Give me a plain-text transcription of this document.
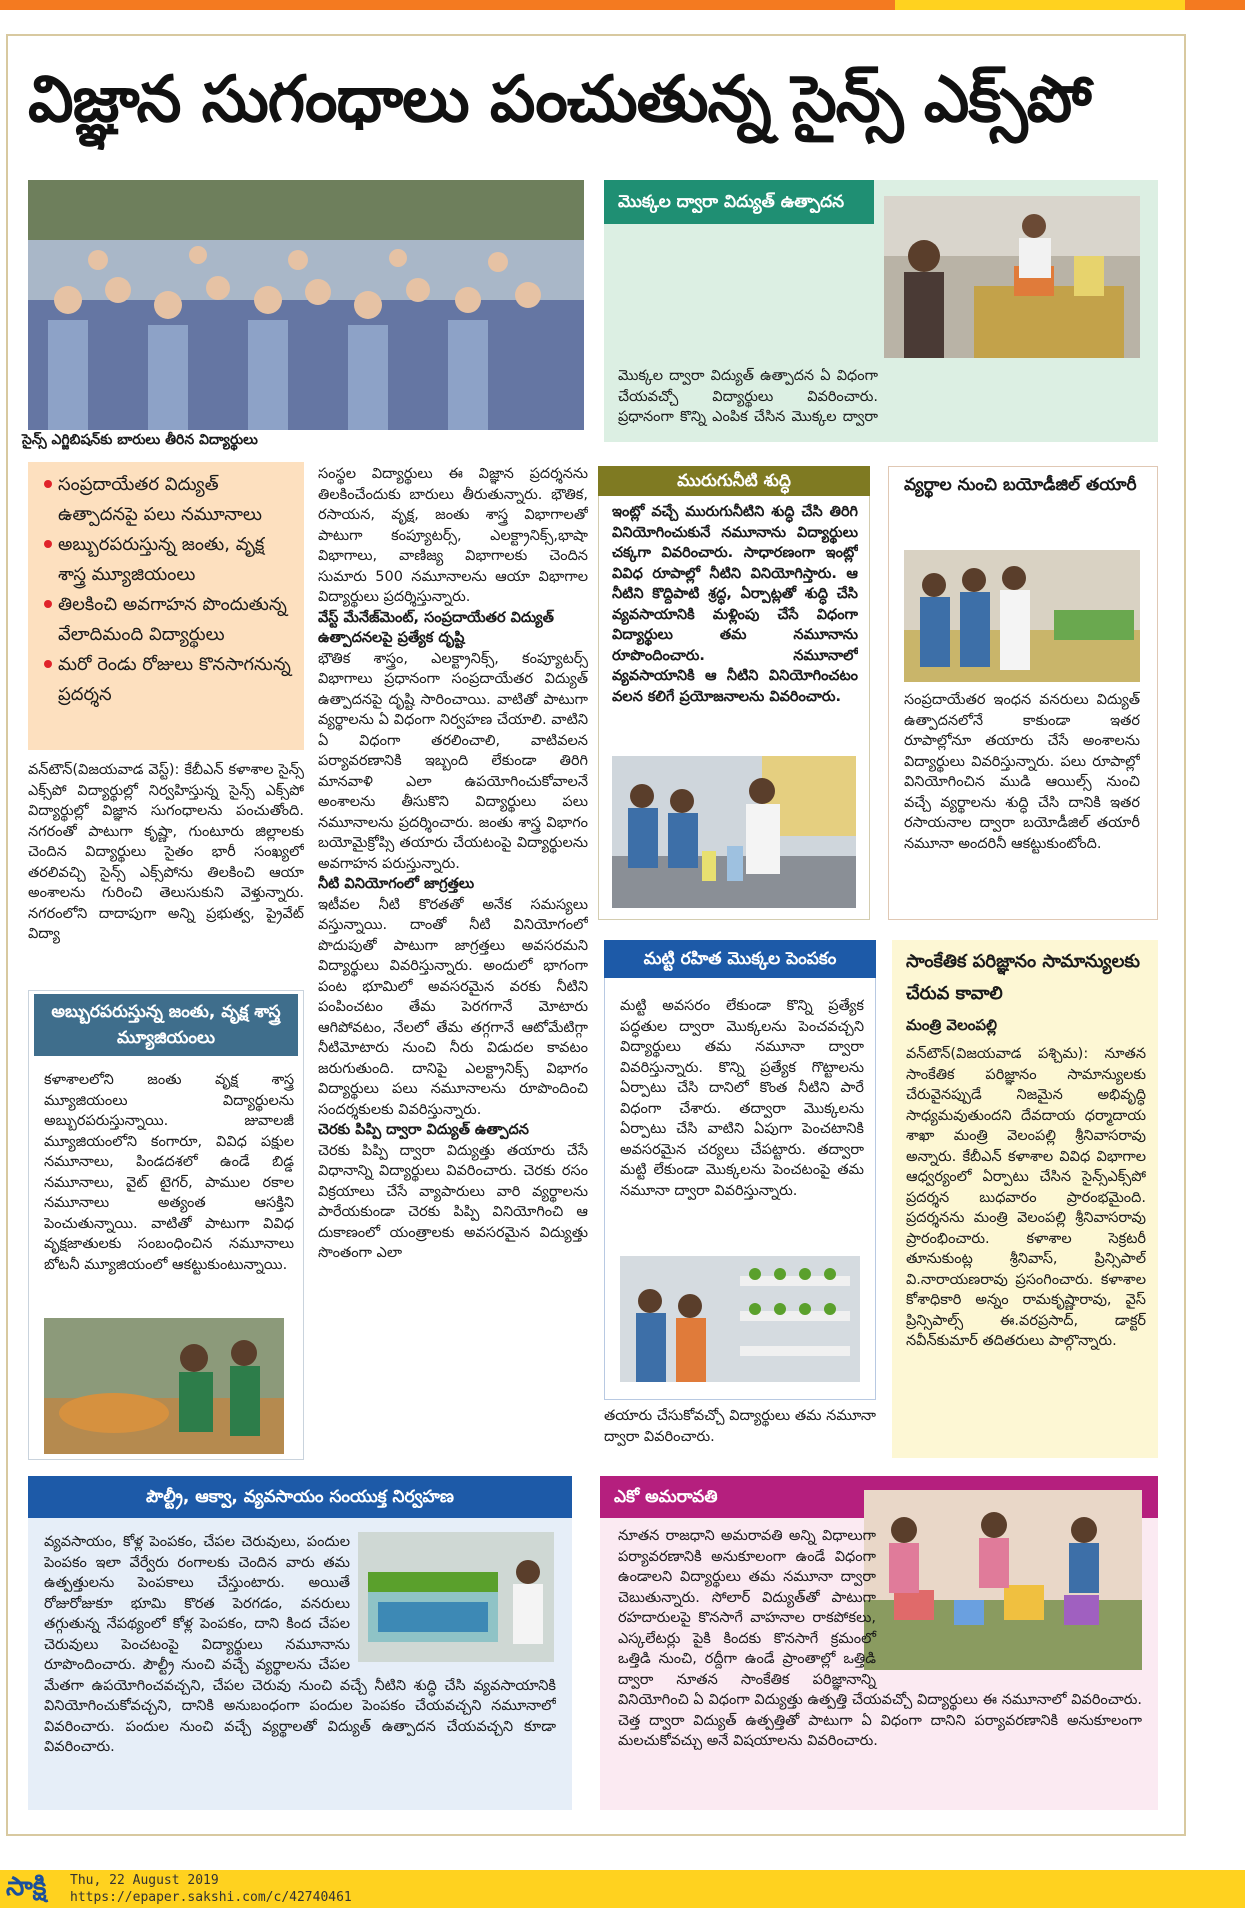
విజ్ఞాన సుగంధాలు పంచుతున్న సైన్స్ ఎక్స్‌పో
సైన్స్ ఎగ్జిబిషన్‌కు బారులు తీరిన విద్యార్థులు
మొక్కల ద్వారా విద్యుత్ ఉత్పాదన
మొక్కల ద్వారా విద్యుత్ ఉత్పాదన ఏ విధంగా చేయవచ్చో విద్యార్థులు వివరించారు. ప్రధానంగా కొన్ని ఎంపిక చేసిన మొక్కల ద్వారా
సంప్రదాయేతర విద్యుత్ ఉత్పాదనపై పలు నమూనాలు
అబ్బురపరుస్తున్న జంతు, వృక్ష శాస్త్ర మ్యూజియంలు
తిలకించి అవగాహన పొందుతున్న వేలాదిమంది విద్యార్థులు
మరో రెండు రోజులు కొనసాగనున్న ప్రదర్శన
వన్‌టౌన్(విజయవాడ వెస్ట్): కేబీఎన్ కళాశాల సైన్స్ ఎక్స్‌పో విద్యార్థుల్లో నిర్వహిస్తున్న సైన్స్ ఎక్స్‌పో విద్యార్థుల్లో విజ్ఞాన సుగంధాలను పంచుతోంది. నగరంతో పాటుగా కృష్ణా, గుంటూరు జిల్లాలకు చెందిన విద్యార్థులు సైతం భారీ సంఖ్యలో తరలివచ్చి సైన్స్ ఎక్స్‌పోను తిలకించి ఆయా అంశాలను గురించి తెలుసుకుని వెళ్తున్నారు. నగరంలోని దాదాపుగా అన్ని ప్రభుత్వ, ప్రైవేట్ విద్యా
అబ్బురపరుస్తున్న జంతు, వృక్ష శాస్త్ర మ్యూజియంలు
కళాశాలలోని జంతు వృక్ష శాస్త్ర మ్యూజియంలు విద్యార్థులను అబ్బురపరుస్తున్నాయి. జువాలజీ మ్యూజియంలోని కంగారూ, వివిధ పక్షుల నమూనాలు, పిండదశలో ఉండే బిడ్డ నమూనాలు, వైట్ టైగర్, పాముల రకాల నమూనాలు అత్యంత ఆసక్తిని పెంచుతున్నాయి. వాటితో పాటుగా వివిధ వృక్షజాతులకు సంబంధించిన నమూనాలు బోటనీ మ్యూజియంలో ఆకట్టుకుంటున్నాయి.
సంస్థల విద్యార్థులు ఈ విజ్ఞాన ప్రదర్శనను తిలకించేందుకు బారులు తీరుతున్నారు. భౌతిక, రసాయన, వృక్ష, జంతు శాస్త్ర విభాగాలతో పాటుగా కంప్యూటర్స్, ఎలక్ట్రానిక్స్,భాషా విభాగాలు, వాణిజ్య విభాగాలకు చెందిన సుమారు 500 నమూనాలను ఆయా విభాగాల విద్యార్థులు ప్రదర్శిస్తున్నారు.
వేస్ట్ మేనేజ్‌మెంట్, సంప్రదాయేతర విద్యుత్ ఉత్పాదనలపై ప్రత్యేక దృష్టి
భౌతిక శాస్త్రం, ఎలక్ట్రానిక్స్, కంప్యూటర్స్ విభాగాలు ప్రధానంగా సంప్రదాయేతర విద్యుత్ ఉత్పాదనపై దృష్టి సారించాయి. వాటితో పాటుగా వ్యర్థాలను ఏ విధంగా నిర్వహణ చేయాలి. వాటిని ఏ విధంగా తరలించాలి, వాటివలన పర్యావరణానికి ఇబ్బంది లేకుండా తిరిగి మానవాళి ఎలా ఉపయోగించుకోవాలనే అంశాలను తీసుకొని విద్యార్థులు పలు నమూనాలను ప్రదర్శించారు. జంతు శాస్త్ర విభాగం బయోమైక్రోప్సి తయారు చేయటంపై విద్యార్థులను అవగాహన పరుస్తున్నారు.
నీటి వినియోగంలో జాగ్రత్తలు
ఇటీవల నీటి కొరతతో అనేక సమస్యలు వస్తున్నాయి. దాంతో నీటి వినియోగంలో పొదుపుతో పాటుగా జాగ్రత్తలు అవసరమని విద్యార్థులు వివరిస్తున్నారు. అందులో భాగంగా పంట భూమిలో అవసరమైన వరకు నీటిని పంపించటం తేమ పెరగగానే మోటారు ఆగిపోవటం, నేలలో తేమ తగ్గగానే ఆటోమేటిగ్గా నీటిమోటారు నుంచి నీరు విడుదల కావటం జరుగుతుంది. దానిపై ఎలక్ట్రానిక్స్ విభాగం విద్యార్థులు పలు నమూనాలను రూపొందించి సందర్శకులకు వివరిస్తున్నారు.
చెరకు పిప్పి ద్వారా విద్యుత్ ఉత్పాదన
చెరకు పిప్పి ద్వారా విద్యుత్తు తయారు చేసే విధానాన్ని విద్యార్థులు వివరించారు. చెరకు రసం విక్రయాలు చేసే వ్యాపారులు వారి వ్యర్థాలను పారేయకుండా చెరకు పిప్పి వినియోగించి ఆ దుకాణంలో యంత్రాలకు అవసరమైన విద్యుత్తు సొంతంగా ఎలా
మురుగునీటి శుద్ధి
ఇంట్లో వచ్చే మురుగునీటిని శుద్ధి చేసి తిరిగి వినియోగించుకునే నమూనాను విద్యార్థులు చక్కగా వివరించారు. సాధారణంగా ఇంట్లో వివిధ రూపాల్లో నీటిని వినియోగిస్తారు. ఆ నీటిని కొద్దిపాటి శ్రద్ధ, ఏర్పాట్లతో శుద్ధి చేసి వ్యవసాయానికి మళ్లింపు చేసే విధంగా విద్యార్థులు తమ నమూనాను రూపొందించారు. నమూనాలో వ్యవసాయానికి ఆ నీటిని వినియోగించటం వలన కలిగే ప్రయోజనాలను వివరించారు.
వ్యర్థాల నుంచి బయోడీజిల్ తయారీ
సంప్రదాయేతర ఇంధన వనరులు విద్యుత్ ఉత్పాదనలోనే కాకుండా ఇతర రూపాల్లోనూ తయారు చేసే అంశాలను విద్యార్థులు వివరిస్తున్నారు. పలు రూపాల్లో వినియోగించిన ముడి ఆయిల్స్ నుంచి వచ్చే వ్యర్థాలను శుద్ధి చేసి దానికి ఇతర రసాయనాల ద్వారా బయోడీజిల్ తయారీ నమూనా అందరినీ ఆకట్టుకుంటోంది.
మట్టి రహిత మొక్కల పెంపకం
మట్టి అవసరం లేకుండా కొన్ని ప్రత్యేక పద్ధతుల ద్వారా మొక్కలను పెంచవచ్చని విద్యార్థులు తమ నమూనా ద్వారా వివరిస్తున్నారు. కొన్ని ప్రత్యేక గొట్టాలను ఏర్పాటు చేసి దానిలో కొంత నీటిని పారే విధంగా చేశారు. తద్వారా మొక్కలను ఏర్పాటు చేసి వాటిని ఏపుగా పెంచటానికి అవసరమైన చర్యలు చేపట్టారు. తద్వారా మట్టి లేకుండా మొక్కలను పెంచటంపై తమ నమూనా ద్వారా వివరిస్తున్నారు.
తయారు చేసుకోవచ్చో విద్యార్థులు తమ నమూనా ద్వారా వివరించారు.
సాంకేతిక పరిజ్ఞానం సామాన్యులకు చేరువ కావాలి
మంత్రి వెలంపల్లి
వన్‌టౌన్(విజయవాడ పశ్చిమ): నూతన సాంకేతిక పరిజ్ఞానం సామాన్యులకు చేరువైనప్పుడే నిజమైన అభివృద్ధి సాధ్యమవుతుందని దేవదాయ ధర్మాదాయ శాఖా మంత్రి వెలంపల్లి శ్రీనివాసరావు అన్నారు. కేబీఎన్ కళాశాల వివిధ విభాగాల ఆధ్వర్యంలో ఏర్పాటు చేసిన సైన్స్‌ఎక్స్‌పో ప్రదర్శన బుధవారం ప్రారంభమైంది. ప్రదర్శనను మంత్రి వెలంపల్లి శ్రీనివాసరావు ప్రారంభించారు. కళాశాల సెక్రటరీ తూనుకుంట్ల శ్రీనివాస్, ప్రిన్సిపాల్ వి.నారాయణరావు ప్రసంగించారు. కళాశాల కోశాధికారి అన్నం రామకృష్ణారావు, వైస్ ప్రిన్సిపాల్స్ ఈ.వరప్రసాద్, డాక్టర్ నవీన్‌కుమార్ తదితరులు పాల్గొన్నారు.
పౌల్ట్రీ, ఆక్వా, వ్యవసాయం సంయుక్త నిర్వహణ
వ్యవసాయం, కోళ్ల పెంపకం, చేపల చెరువులు, పందుల పెంపకం ఇలా వేర్వేరు రంగాలకు చెందిన వారు తమ ఉత్పత్తులను పెంపకాలు చేస్తుంటారు. అయితే రోజురోజుకూ భూమి కొరత పెరగడం, వనరులు తగ్గుతున్న నేపథ్యంలో కోళ్ల పెంపకం, దాని కింద చేపల చెరువులు పెంచటంపై విద్యార్థులు నమూనాను రూపొందించారు. పౌల్ట్రీ నుంచి వచ్చే వ్యర్థాలను చేపల మేతగా ఉపయోగించవచ్చని, చేపల చెరువు నుంచి వచ్చే నీటిని శుద్ధి చేసి వ్యవసాయానికి వినియోగించుకోవచ్చని, దానికి అనుబంధంగా పందుల పెంపకం చేయవచ్చని నమూనాలో వివరించారు. పందుల నుంచి వచ్చే వ్యర్థాలతో విద్యుత్ ఉత్పాదన చేయవచ్చని కూడా వివరించారు.
ఎకో అమరావతి
నూతన రాజధాని అమరావతి అన్ని విధాలుగా పర్యావరణానికి అనుకూలంగా ఉండే విధంగా ఉండాలని విద్యార్థులు తమ నమూనా ద్వారా చెబుతున్నారు. సోలార్ విద్యుత్‌తో పాటుగా రహదారులపై కొనసాగే వాహనాల రాకపోకలు, ఎస్కలేటర్లు పైకి కిందకు కొనసాగే క్రమంలో ఒత్తిడి నుంచి, రద్దీగా ఉండే ప్రాంతాల్లో ఒత్తిడి ద్వారా నూతన సాంకేతిక పరిజ్ఞానాన్ని వినియోగించి ఏ విధంగా విద్యుత్తు ఉత్పత్తి చేయవచ్చో విద్యార్థులు ఈ నమూనాలో వివరించారు. చెత్త ద్వారా విద్యుత్ ఉత్పత్తితో పాటుగా ఏ విధంగా దానిని పర్యావరణానికి అనుకూలంగా మలచుకోవచ్చు అనే విషయాలను వివరించారు.
సాక్షి Thu, 22 August 2019
https://epaper.sakshi.com/c/42740461
